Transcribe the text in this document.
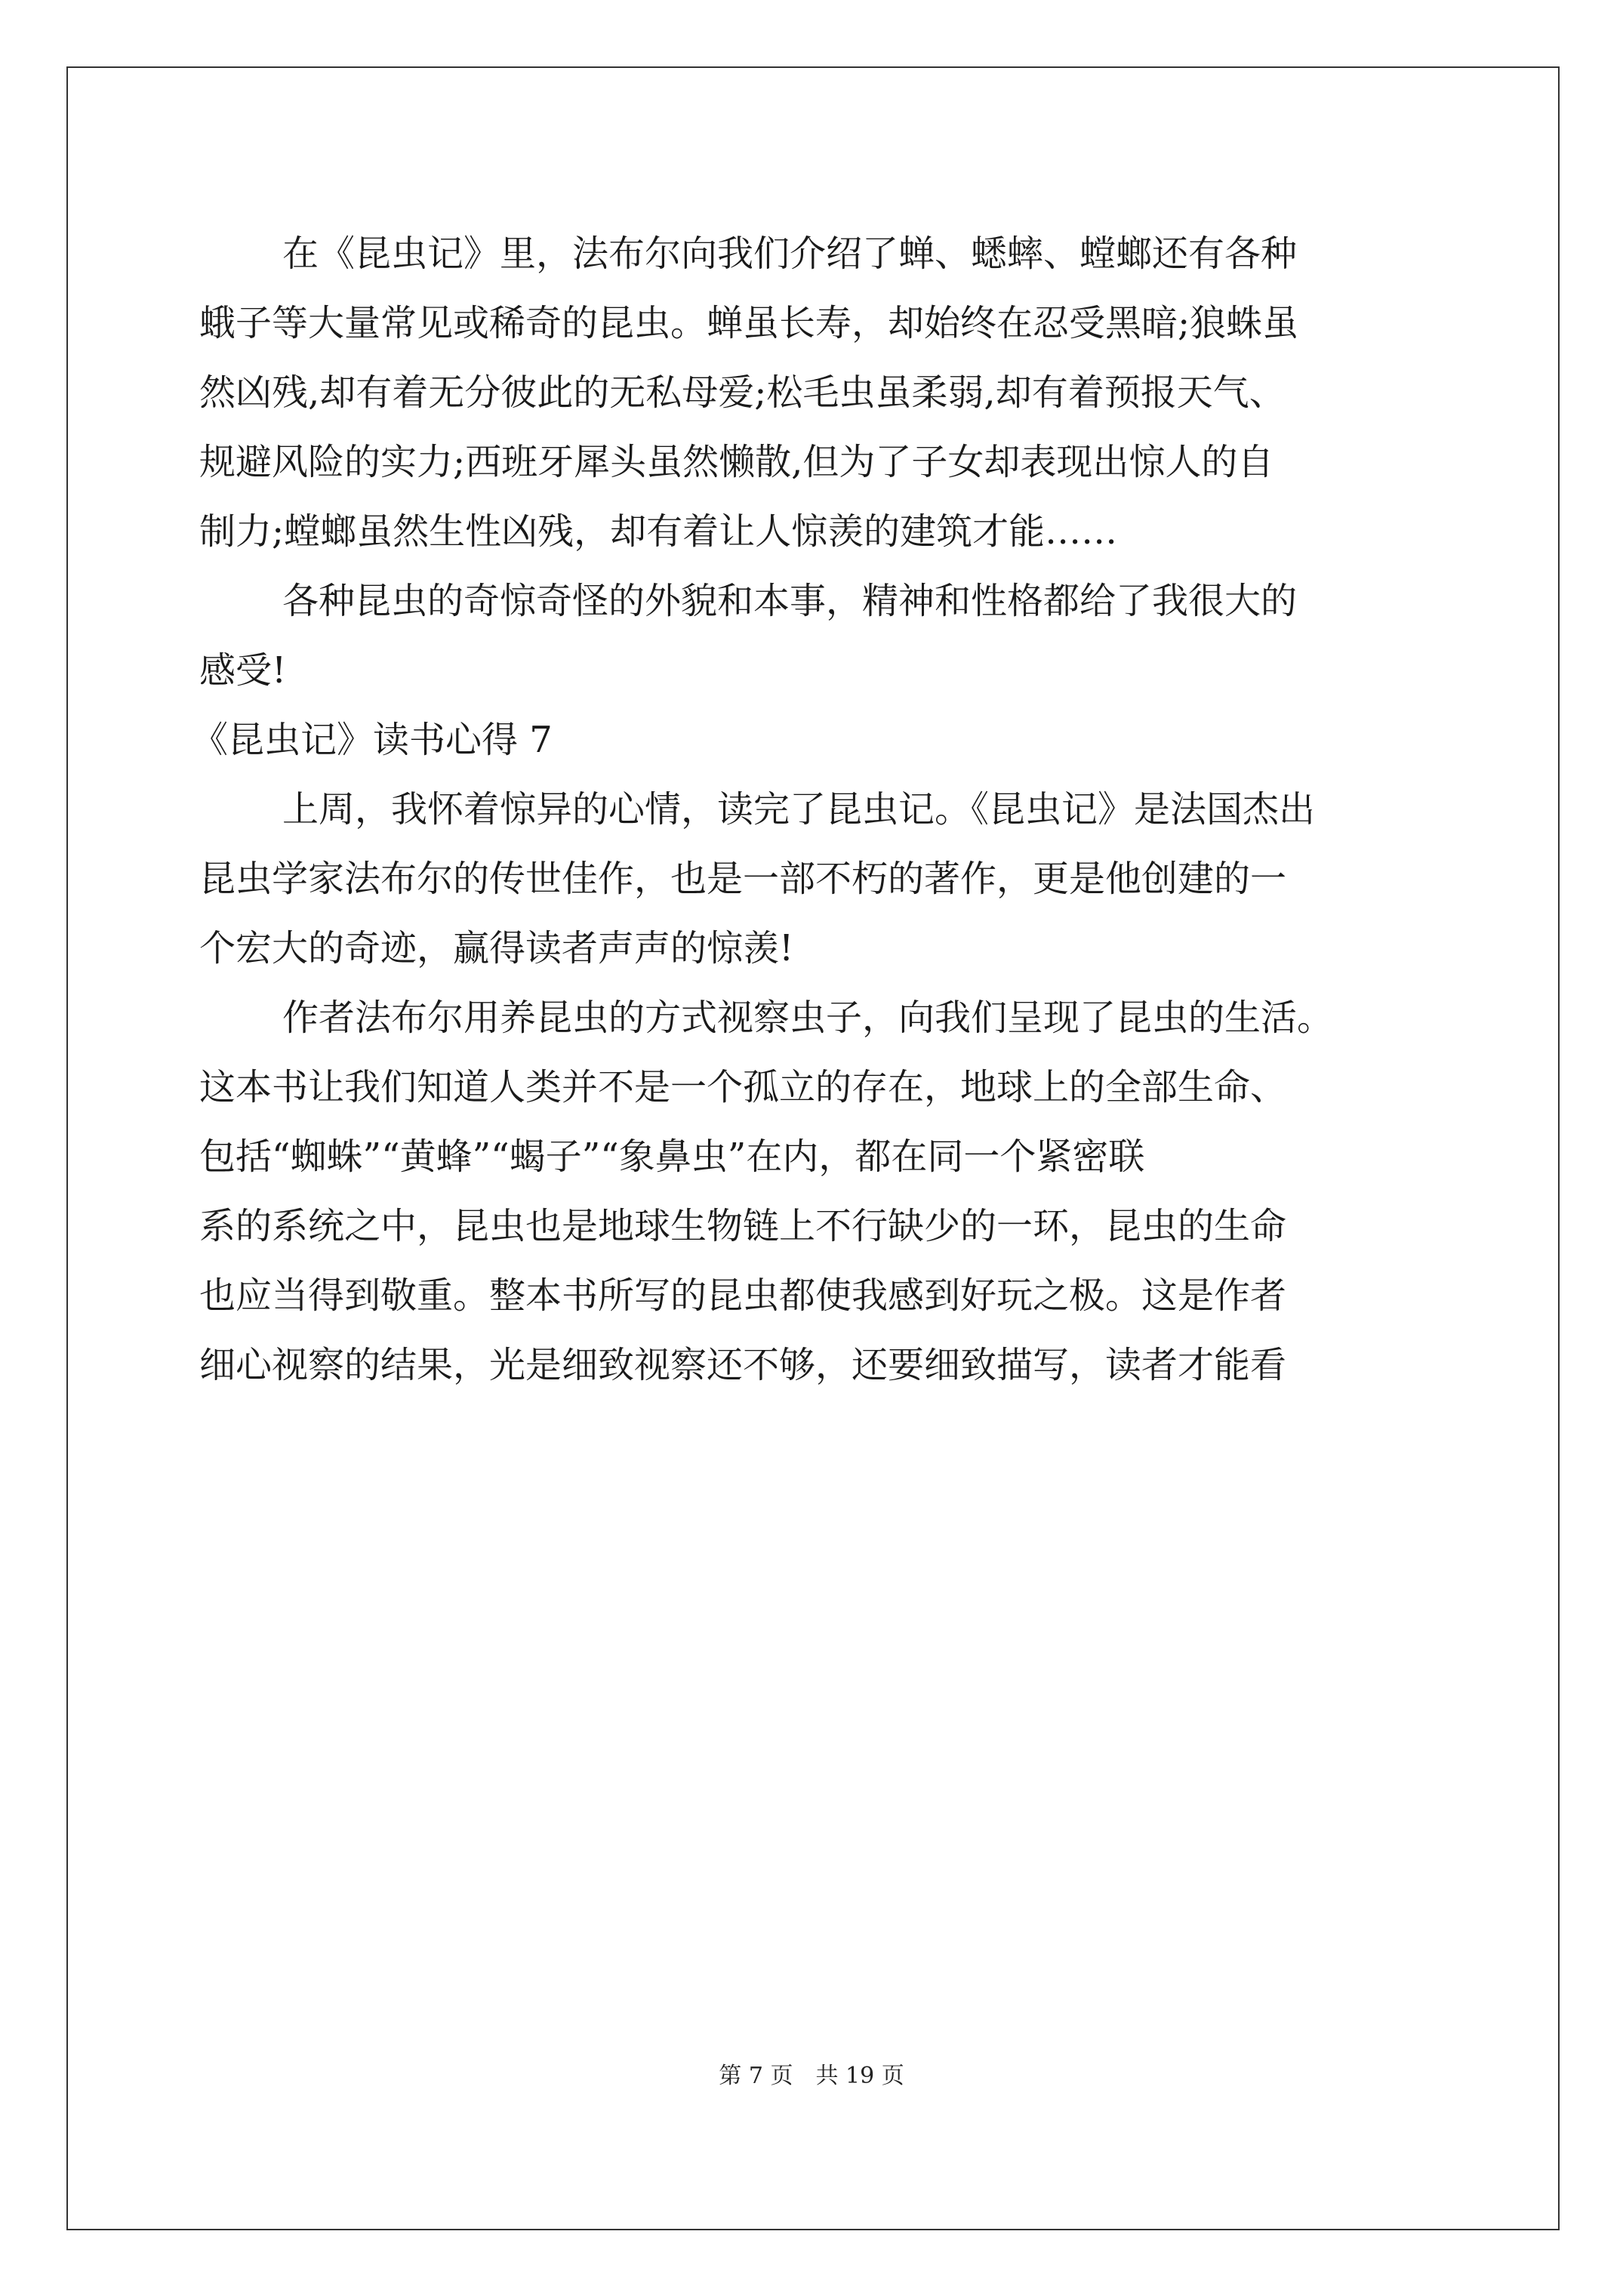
在《昆虫记》里，法布尔向我们介绍了蝉、蟋蟀、螳螂还有各种
蛾子等大量常见或稀奇的昆虫。蝉虽长寿，却始终在忍受黑暗;狼蛛虽
然凶残,却有着无分彼此的无私母爱;松毛虫虽柔弱,却有着预报天气、
规避风险的实力;西班牙犀头虽然懒散,但为了子女却表现出惊人的自
制力;螳螂虽然生性凶残，却有着让人惊羡的建筑才能……
各种昆虫的奇惊奇怪的外貌和本事，精神和性格都给了我很大的
感受!
《昆虫记》读书心得 7
上周，我怀着惊异的心情，读完了昆虫记。《昆虫记》是法国杰出
昆虫学家法布尔的传世佳作，也是一部不朽的著作，更是他创建的一
个宏大的奇迹，赢得读者声声的惊羡!
作者法布尔用养昆虫的方式视察虫子，向我们呈现了昆虫的生活。
这本书让我们知道人类并不是一个孤立的存在，地球上的全部生命、
包括“蜘蛛”“黄蜂”“蝎子”“象鼻虫”在内，都在同一个紧密联
系的系统之中，昆虫也是地球生物链上不行缺少的一环，昆虫的生命
也应当得到敬重。整本书所写的昆虫都使我感到好玩之极。这是作者
细心视察的结果，光是细致视察还不够，还要细致描写，读者才能看
第 7 页　共 19 页
